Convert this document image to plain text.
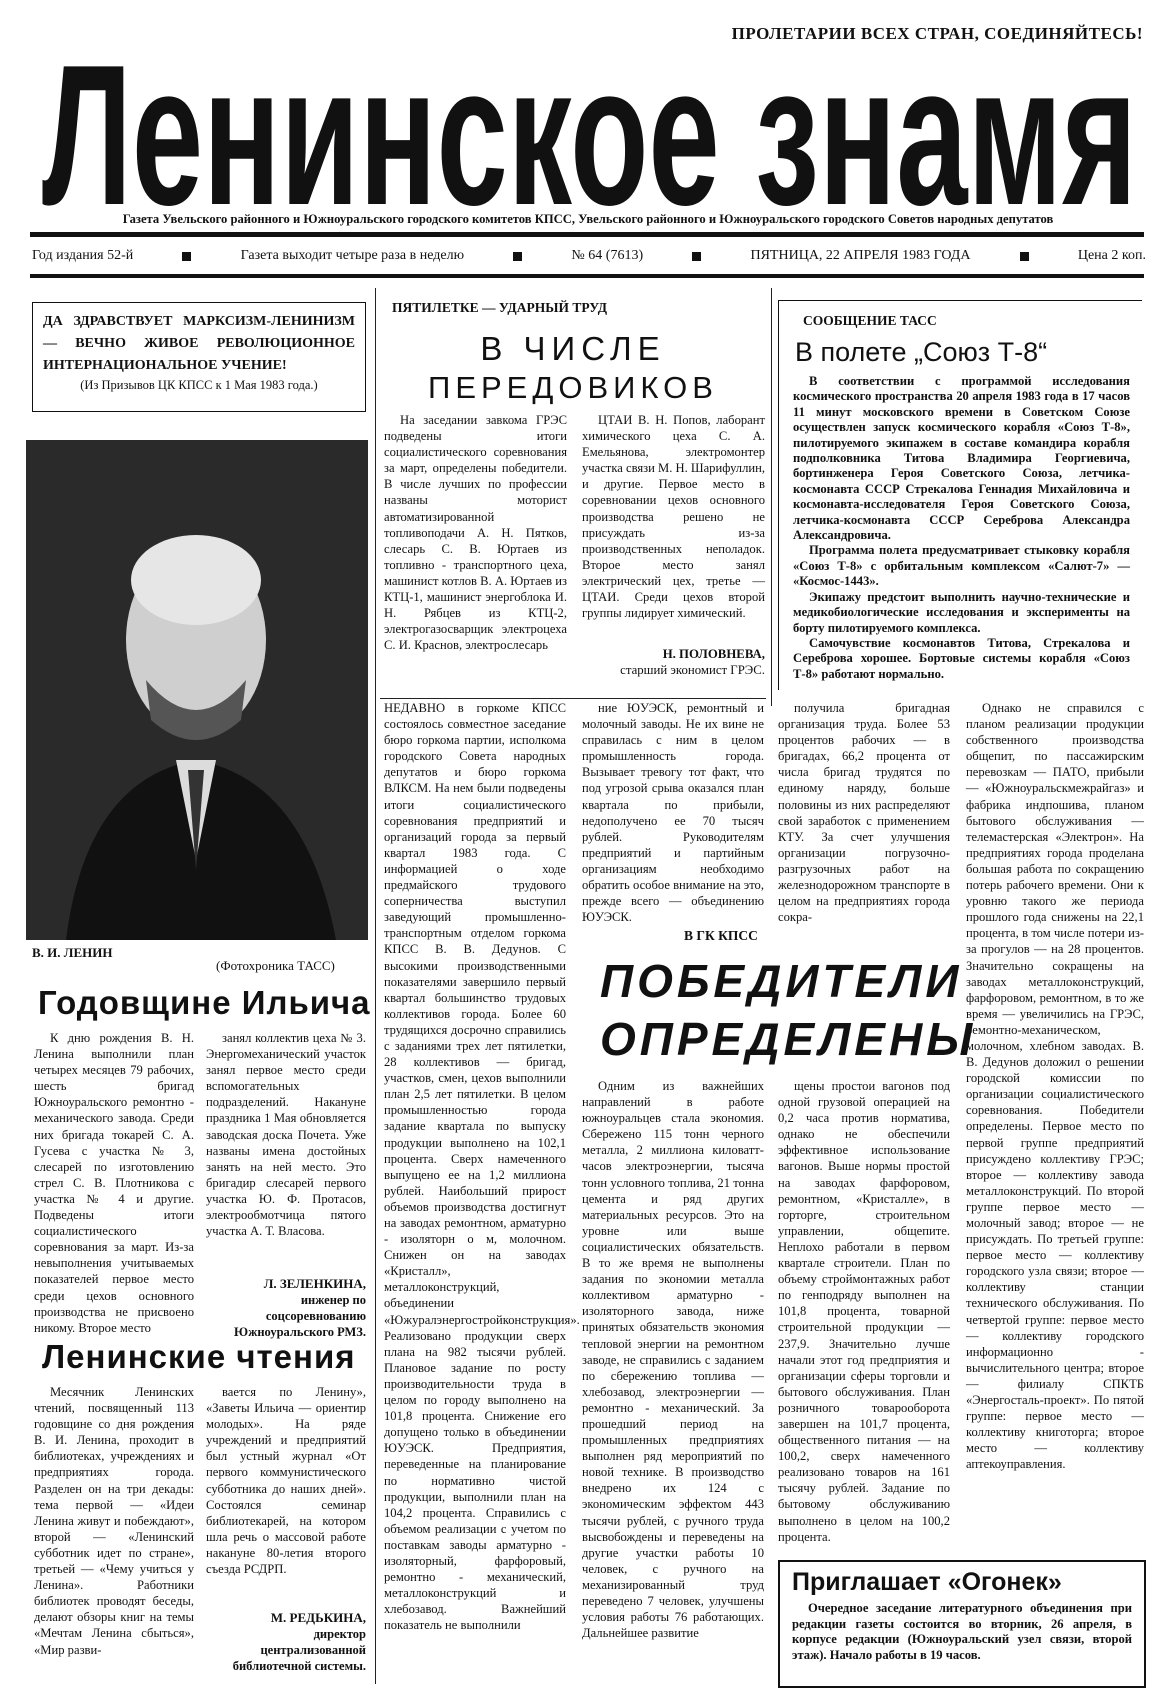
ПРОЛЕТАРИИ ВСЕХ СТРАН, СОЕДИНЯЙТЕСЬ!
Ленинское знамя
Газета Увельского районного и Южноуральского городского комитетов КПСС, Увельского районного и Южноуральского городского Советов народных депутатов
Год издания 52-й	Газета выходит четыре раза в неделю	№ 64 (7613)	ПЯТНИЦА, 22 АПРЕЛЯ 1983 ГОДА	Цена 2 коп.
ДА ЗДРАВСТВУЕТ МАРКСИЗМ-ЛЕНИНИЗМ — ВЕЧНО ЖИВОЕ РЕВОЛЮЦИОННОЕ ИНТЕРНАЦИОНАЛЬНОЕ УЧЕНИЕ!
(Из Призывов ЦК КПСС к 1 Мая 1983 года.)
В. И. ЛЕНИН
(Фотохроника ТАСС)
Годовщине Ильича

К дню рождения В. Н. Ленина выполнили план четырех месяцев 79 рабочих, шесть бригад Южноуральского ремонтно - механического завода. Среди них бригада токарей С. А. Гусева с участка № 3, слесарей по изготовлению стрел С. В. Плотникова с участка № 4 и другие. Подведены итоги социалистического соревнования за март. Из-за невыполнения учитываемых показателей первое место среди цехов основного производства не присвоено никому. Второе место

занял коллектив цеха № 3. Энергомеханический участок занял первое место среди вспомогательных подразделений. Накануне праздника 1 Мая обновляется заводская доска Почета. Уже названы имена достойных занять на ней место. Это бригадир слесарей первого участка Ю. Ф. Протасов, электрообмотчица пятого участка А. Т. Власова.

Л. ЗЕЛЕНКИНА,
инженер по соцсоревнованию Южноуральского РМЗ.
Ленинские чтения

Месячник Ленинских чтений, посвященный 113 годовщине со дня рождения В. И. Ленина, проходит в библиотеках, учреждениях и предприятиях города. Разделен он на три декады: тема первой — «Идеи Ленина живут и побеждают», второй — «Ленинский субботник идет по стране», третьей — «Чему учиться у Ленина». Работники библиотек проводят беседы, делают обзоры книг на темы «Мечтам Ленина сбыться», «Мир разви-

вается по Ленину», «Заветы Ильича — ориентир молодых». На ряде учреждений и предприятий был устный журнал «От первого коммунистического субботника до наших дней». Состоялся семинар библиотекарей, на котором шла речь о массовой работе накануне 80-летия второго съезда РСДРП.

М. РЕДЬКИНА,
директор централизованной библиотечной системы.
ПЯТИЛЕТКЕ — УДАРНЫЙ ТРУД
В ЧИСЛЕ
ПЕРЕДОВИКОВ

На заседании завкома ГРЭС подведены итоги социалистического соревнования за март, определены победители. В числе лучших по профессии названы моторист автоматизированной топливоподачи А. Н. Пятков, слесарь С. В. Юртаев из топливно - транспортного цеха, машинист котлов В. А. Юртаев из КТЦ-1, машинист энергоблока И. Н. Рябцев из КТЦ-2, электрогазосварщик электроцеха С. И. Краснов, электрослесарь

ЦТАИ В. Н. Попов, лаборант химического цеха С. А. Емельянова, электромонтер участка связи М. Н. Шарифуллин, и другие. Первое место в соревновании цехов основного производства решено не присуждать из-за производственных неполадок. Второе место занял электрический цех, третье — ЦТАИ. Среди цехов второй группы лидирует химический.

Н. ПОЛОВНЕВА,
старший экономист ГРЭС.
СООБЩЕНИЕ ТАСС
В полете „Союз Т-8“

В соответствии с программой исследования космического пространства 20 апреля 1983 года в 17 часов 11 минут московского времени в Советском Союзе осуществлен запуск космического корабля «Союз Т-8», пилотируемого экипажем в составе командира корабля подполковника Титова Владимира Георгиевича, бортинженера Героя Советского Союза, летчика-космонавта СССР Стрекалова Геннадия Михайловича и космонавта-исследователя Героя Советского Союза, летчика-космонавта СССР Сереброва Александра Александровича.

Программа полета предусматривает стыковку корабля «Союз Т-8» с орбитальным комплексом «Салют-7» — «Космос-1443».

Экипажу предстоит выполнить научно-технические и медикобиологические исследования и эксперименты на борту пилотируемого комплекса.

Самочувствие космонавтов Титова, Стрекалова и Сереброва хорошее. Бортовые системы корабля «Союз Т-8» работают нормально.

НЕДАВНО в горкоме КПСС состоялось совместное заседание бюро горкома партии, исполкома городского Совета народных депутатов и бюро горкома ВЛКСМ. На нем были подведены итоги социалистического соревнования предприятий и организаций города за первый квартал 1983 года. С информацией о ходе предмайского трудового соперничества выступил заведующий промышленно-транспортным отделом горкома КПСС В. В. Дедунов. С высокими производственными показателями завершило первый квартал большинство трудовых коллективов города. Более 60 трудящихся досрочно справились с заданиями трех лет пятилетки, 28 коллективов — бригад, участков, смен, цехов выполнили план 2,5 лет пятилетки. В целом промышленностью города задание квартала по выпуску продукции выполнено на 102,1 процента. Сверх намеченного выпущено ее на 1,2 миллиона рублей. Наибольший прирост объемов производства достигнут на заводах ремонтном, арматурно - изоляторн о м, молочном. Снижен он на заводах «Кристалл», металлоконструкций, объединении «Южуралэнергостройконструкция». Реализовано продукции сверх плана на 982 тысячи рублей. Плановое задание по росту производительности труда в целом по городу выполнено на 101,8 процента. Снижение его допущено только в объединении ЮУЭСК. Предприятия, переведенные на планирование по нормативно чистой продукции, выполнили план на 104,2 процента. Справились с объемом реализации с учетом по поставкам заводы арматурно - изоляторный, фарфоровый, ремонтно - механический, металлоконструкций и хлебозавод. Важнейший показатель не выполнили

ние ЮУЭСК, ремонтный и молочный заводы. Не их вине не справилась с ним в целом промышленность города. Вызывает тревогу тот факт, что под угрозой срыва оказался план квартала по прибыли, недополучено ее 70 тысяч рублей. Руководителям предприятий и партийным организациям необходимо обратить особое внимание на это, прежде всего — объединению ЮУЭСК.

получила бригадная организация труда. Более 53 процентов рабочих — в бригадах, 66,2 процента от числа бригад трудятся по единому наряду, больше половины из них распределяют свой заработок с применением КТУ. За счет улучшения организации погрузочно-разгрузочных работ на железнодорожном транспорте в целом на предприятиях города сокра-

Однако не справился с планом реализации продукции собственного производства общепит, по пассажирским перевозкам — ПАТО, прибыли — «Южноуральскмежрайгаз» и фабрика индпошива, планом бытового обслуживания — телемастерская «Электрон». На предприятиях города проделана большая работа по сокращению потерь рабочего времени. Они к уровню такого же периода прошлого года снижены на 22,1 процента, в том числе потери из-за прогулов — на 28 процентов. Значительно сокращены на заводах металлоконструкций, фарфоровом, ремонтном, в то же время — увеличились на ГРЭС, ремонтно-механическом, молочном, хлебном заводах. В. В. Дедунов доложил о решении городской комиссии по организации социалистического соревнования. Победители определены. Первое место по первой группе предприятий присуждено коллективу ГРЭС; второе — коллективу завода металлоконструкций. По второй группе первое место — молочный завод; второе — не присуждать. По третьей группе: первое место — коллективу городского узла связи; второе — коллективу станции технического обслуживания. По четвертой группе: первое место — коллективу городского информационно - вычислительного центра; второе — филиалу СПКТБ «Энергосталь-проект». По пятой группе: первое место — коллективу книготорга; второе место — коллективу аптекоуправления.

В ГК КПСС
ПОБЕДИТЕЛИ
ОПРЕДЕЛЕНЫ

Одним из важнейших направлений в работе южноуральцев стала экономия. Сбережено 115 тонн черного металла, 2 миллиона киловатт-часов электроэнергии, тысяча тонн условного топлива, 21 тонна цемента и ряд других материальных ресурсов. Это на уровне или выше социалистических обязательств. В то же время не выполнены задания по экономии металла коллективом арматурно - изоляторного завода, ниже принятых обязательств экономия тепловой энергии на ремонтном заводе, не справились с заданием по сбережению топлива — хлебозавод, электроэнергии — ремонтно - механический. За прошедший период на промышленных предприятиях выполнен ряд мероприятий по новой технике. В производство внедрено их 124 с экономическим эффектом 443 тысячи рублей, с ручного труда высвобождены и переведены на другие участки работы 10 человек, с ручного на механизированный труд переведено 7 человек, улучшены условия работы 76 работающих. Дальнейшее развитие

щены простои вагонов под одной грузовой операцией на 0,2 часа против норматива, однако не обеспечили эффективное использование вагонов. Выше нормы простой на заводах фарфоровом, ремонтном, «Кристалле», в горторге, строительном управлении, общепите. Неплохо работали в первом квартале строители. План по объему строймонтажных работ по генподряду выполнен на 101,8 процента, товарной строительной продукции — 237,9. Значительно лучше начали этот год предприятия и организации сферы торговли и бытового обслуживания. План розничного товарооборота завершен на 101,7 процента, общественного питания — на 100,2, сверх намеченного реализовано товаров на 161 тысячу рублей. Задание по бытовому обслуживанию выполнено в целом на 100,2 процента.

Приглашает «Огонек»

Очередное заседание литературного объединения при редакции газеты состоится во вторник, 26 апреля, в корпусе редакции (Южноуральский узел связи, второй этаж). Начало работы в 19 часов.
